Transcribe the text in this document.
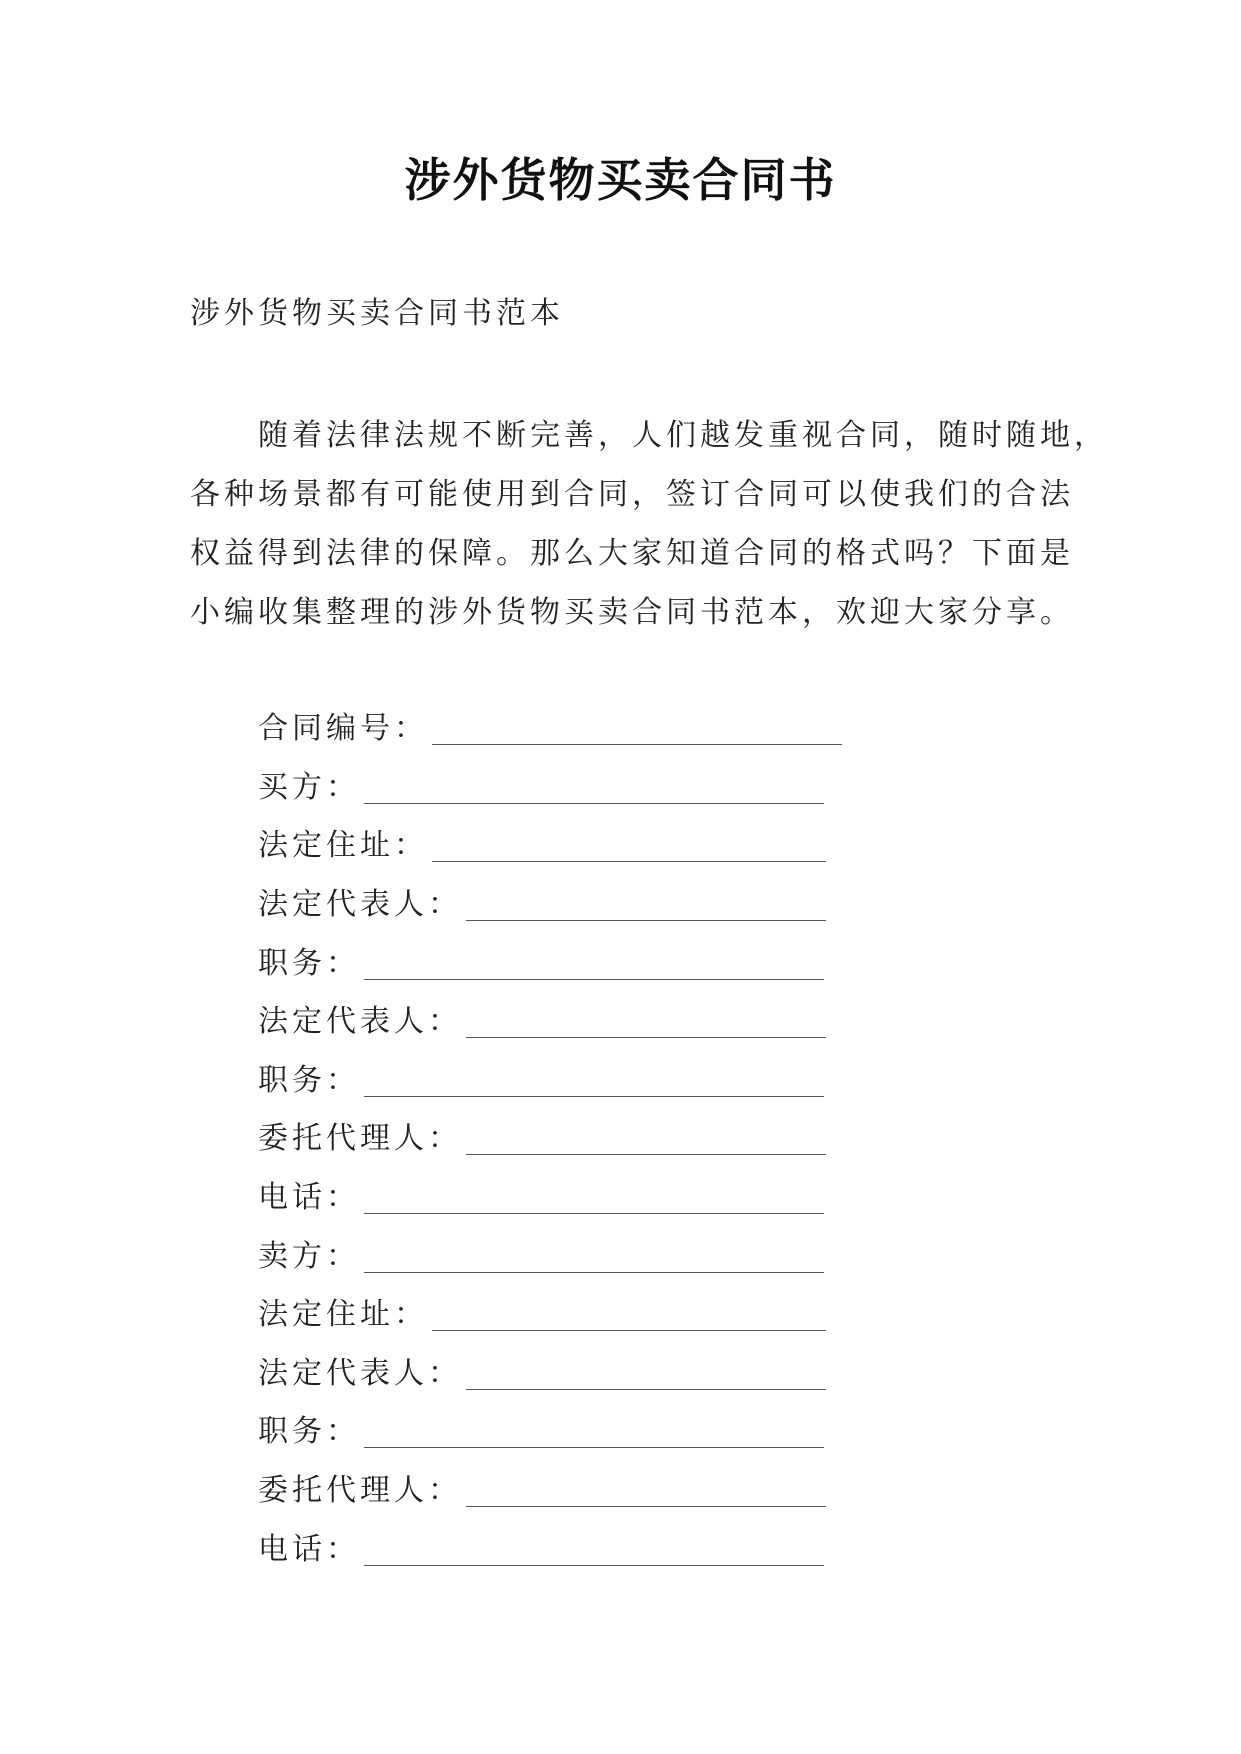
涉外货物买卖合同书
涉外货物买卖合同书范本
随着法律法规不断完善，人们越发重视合同，随时随地，
各种场景都有可能使用到合同，签订合同可以使我们的合法
权益得到法律的保障。那么大家知道合同的格式吗？下面是
小编收集整理的涉外货物买卖合同书范本，欢迎大家分享。
合同编号：
买方：
法定住址：
法定代表人：
职务：
法定代表人：
职务：
委托代理人：
电话：
卖方：
法定住址：
法定代表人：
职务：
委托代理人：
电话：
